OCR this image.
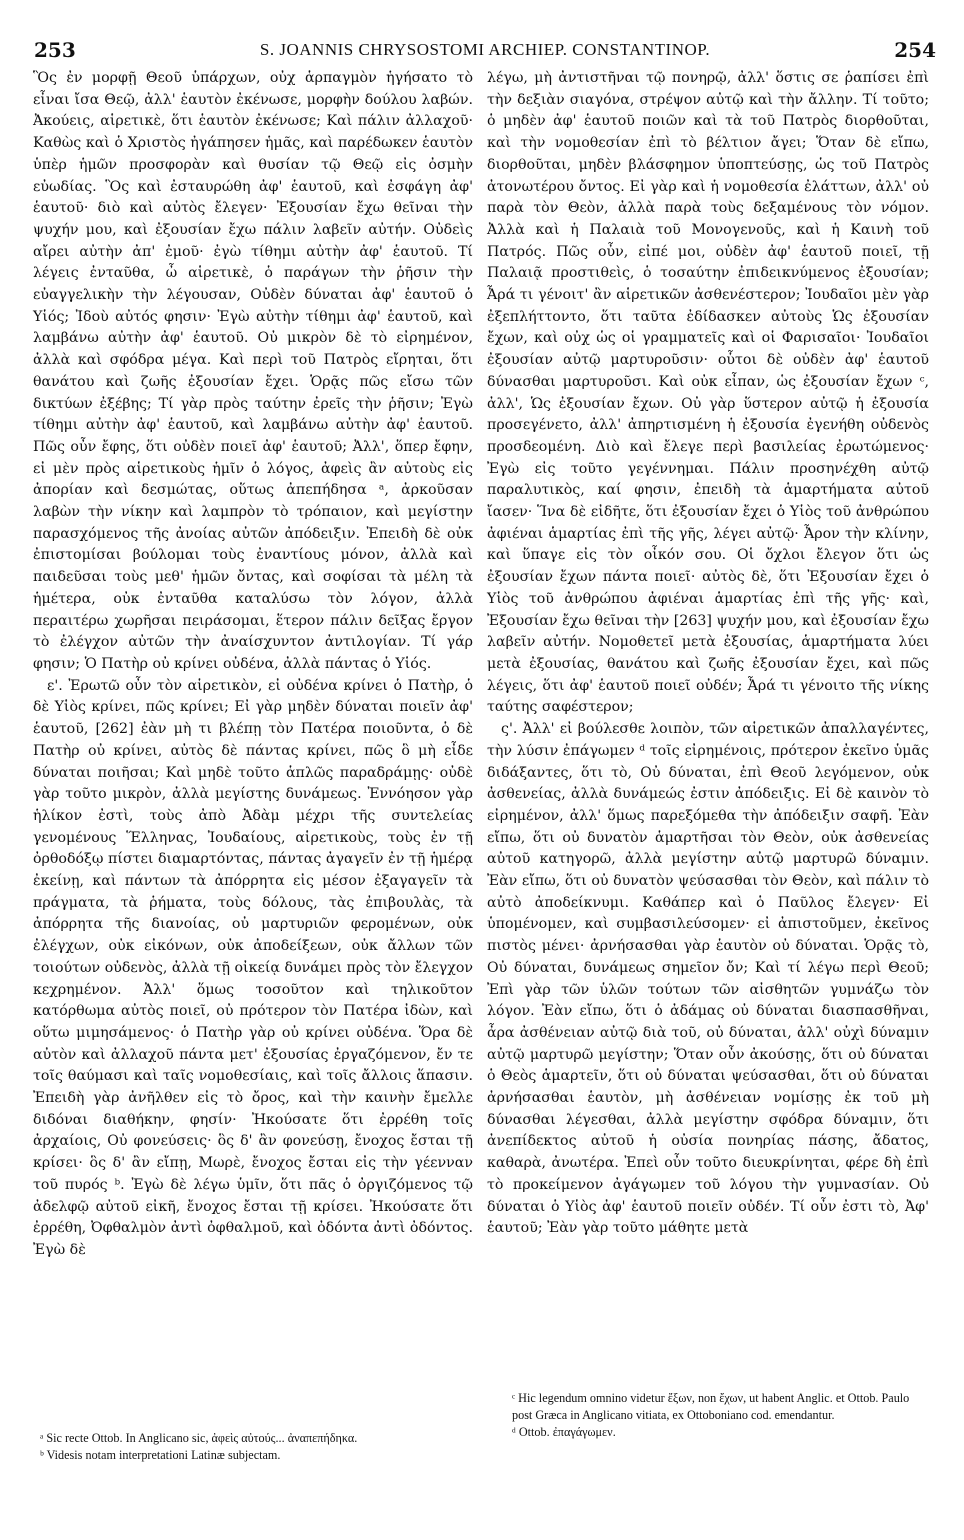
253	S. JOANNIS CHRYSOSTOMI ARCHIEP. CONSTANTINOP.	254

Ὃς ἐν μορφῇ Θεοῦ ὑπάρχων, οὐχ ἁρπαγμὸν ἡγήσατο τὸ εἶναι ἴσα Θεῷ, ἀλλ' ἑαυτὸν ἐκένωσε, μορφὴν δούλου λαβών. Ἀκούεις, αἱρετικὲ, ὅτι ἑαυτὸν ἐκένωσε; Καὶ πάλιν ἀλλαχοῦ· Καθὼς καὶ ὁ Χριστὸς ἠγάπησεν ἡμᾶς, καὶ παρέδωκεν ἑαυτὸν ὑπὲρ ἡμῶν προσφορὰν καὶ θυσίαν τῷ Θεῷ εἰς ὀσμὴν εὐωδίας. Ὃς καὶ ἐσταυρώθη ἀφ' ἑαυτοῦ, καὶ ἐσφάγη ἀφ' ἑαυτοῦ· διὸ καὶ αὐτὸς ἔλεγεν· Ἐξουσίαν ἔχω θεῖναι τὴν ψυχήν μου, καὶ ἐξουσίαν ἔχω πάλιν λαβεῖν αὐτήν. Οὐδεὶς αἴρει αὐτὴν ἀπ' ἐμοῦ· ἐγὼ τίθημι αὐτὴν ἀφ' ἑαυτοῦ. Τί λέγεις ἐνταῦθα, ὦ αἱρετικὲ, ὁ παράγων τὴν ῥῆσιν τὴν εὐαγγελικὴν τὴν λέγουσαν, Οὐδὲν δύναται ἀφ' ἑαυτοῦ ὁ Υἱός; Ἰδοὺ αὐτός φησιν· Ἐγὼ αὐτὴν τίθημι ἀφ' ἑαυτοῦ, καὶ λαμβάνω αὐτὴν ἀφ' ἑαυτοῦ. Οὐ μικρὸν δὲ τὸ εἰρημένον, ἀλλὰ καὶ σφόδρα μέγα. Καὶ περὶ τοῦ Πατρὸς εἴρηται, ὅτι θανάτου καὶ ζωῆς ἐξουσίαν ἔχει. Ὁρᾷς πῶς εἴσω τῶν δικτύων ἐξέβης; Τί γὰρ πρὸς ταύτην ἐρεῖς τὴν ῥῆσιν; Ἐγὼ τίθημι αὐτὴν ἀφ' ἑαυτοῦ, καὶ λαμβάνω αὐτὴν ἀφ' ἑαυτοῦ. Πῶς οὖν ἔφης, ὅτι οὐδὲν ποιεῖ ἀφ' ἑαυτοῦ; Ἀλλ', ὅπερ ἔφην, εἰ μὲν πρὸς αἱρετικοὺς ἡμῖν ὁ λόγος, ἀφεὶς ἂν αὐτοὺς εἰς ἀπορίαν καὶ δεσμώτας, οὕτως ἀπεπήδησα ᵃ, ἀρκοῦσαν λαβὼν τὴν νίκην καὶ λαμπρὸν τὸ τρόπαιον, καὶ μεγίστην παρασχόμενος τῆς ἀνοίας αὐτῶν ἀπόδειξιν. Ἐπειδὴ δὲ οὐκ ἐπιστομίσαι βούλομαι τοὺς ἐναντίους μόνον, ἀλλὰ καὶ παιδεῦσαι τοὺς μεθ' ἡμῶν ὄντας, καὶ σοφίσαι τὰ μέλη τὰ ἡμέτερα, οὐκ ἐνταῦθα καταλύσω τὸν λόγον, ἀλλὰ περαιτέρω χωρῆσαι πειράσομαι, ἕτερον πάλιν δεῖξας ἔργον τὸ ἐλέγχον αὐτῶν τὴν ἀναίσχυντον ἀντιλογίαν. Τί γάρ φησιν; Ὁ Πατὴρ οὐ κρίνει οὐδένα, ἀλλὰ πάντας ὁ Υἱός.

ε'. Ἐρωτῶ οὖν τὸν αἱρετικὸν, εἰ οὐδένα κρίνει ὁ Πατὴρ, ὁ δὲ Υἱὸς κρίνει, πῶς κρίνει; Εἰ γὰρ μηδὲν δύναται ποιεῖν ἀφ' ἑαυτοῦ, [262] ἐὰν μὴ τι βλέπῃ τὸν Πατέρα ποιοῦντα, ὁ δὲ Πατὴρ οὐ κρίνει, αὐτὸς δὲ πάντας κρίνει, πῶς ὃ μὴ εἶδε δύναται ποιῆσαι; Καὶ μηδὲ τοῦτο ἁπλῶς παραδράμῃς· οὐδὲ γὰρ τοῦτο μικρὸν, ἀλλὰ μεγίστης δυνάμεως. Ἐννόησον γὰρ ἡλίκον ἐστὶ, τοὺς ἀπὸ Ἀδὰμ μέχρι τῆς συντελείας γενομένους Ἕλληνας, Ἰουδαίους, αἱρετικοὺς, τοὺς ἐν τῇ ὀρθοδόξῳ πίστει διαμαρτόντας, πάντας ἀγαγεῖν ἐν τῇ ἡμέρᾳ ἐκείνῃ, καὶ πάντων τὰ ἀπόρρητα εἰς μέσον ἐξαγαγεῖν τὰ πράγματα, τὰ ῥήματα, τοὺς δόλους, τὰς ἐπιβουλὰς, τὰ ἀπόρρητα τῆς διανοίας, οὐ μαρτυριῶν φερομένων, οὐκ ἐλέγχων, οὐκ εἰκόνων, οὐκ ἀποδείξεων, οὐκ ἄλλων τῶν τοιούτων οὐδενὸς, ἀλλὰ τῇ οἰκείᾳ δυνάμει πρὸς τὸν ἔλεγχον κεχρημένον. Ἀλλ' ὅμως τοσοῦτον καὶ τηλικοῦτον κατόρθωμα αὐτὸς ποιεῖ, οὐ πρότερον τὸν Πατέρα ἰδὼν, καὶ οὕτω μιμησάμενος· ὁ Πατὴρ γὰρ οὐ κρίνει οὐδένα. Ὅρα δὲ αὐτὸν καὶ ἀλλαχοῦ πάντα μετ' ἐξουσίας ἐργαζόμενον, ἔν τε τοῖς θαύμασι καὶ ταῖς νομοθεσίαις, καὶ τοῖς ἄλλοις ἅπασιν. Ἐπειδὴ γὰρ ἀνῆλθεν εἰς τὸ ὄρος, καὶ τὴν καινὴν ἔμελλε διδόναι διαθήκην, φησίν· Ἠκούσατε ὅτι ἐρρέθη τοῖς ἀρχαίοις, Οὐ φονεύσεις· ὃς δ' ἂν φονεύσῃ, ἔνοχος ἔσται τῇ κρίσει· ὃς δ' ἂν εἴπῃ, Μωρὲ, ἔνοχος ἔσται εἰς τὴν γέενναν τοῦ πυρός ᵇ. Ἐγὼ δὲ λέγω ὑμῖν, ὅτι πᾶς ὁ ὀργιζόμενος τῷ ἀδελφῷ αὐτοῦ εἰκῆ, ἔνοχος ἔσται τῇ κρίσει. Ἠκούσατε ὅτι ἐρρέθη, Ὀφθαλμὸν ἀντὶ ὀφθαλμοῦ, καὶ ὀδόντα ἀντὶ ὀδόντος. Ἐγὼ δὲ

λέγω, μὴ ἀντιστῆναι τῷ πονηρῷ, ἀλλ' ὅστις σε ῥαπίσει ἐπὶ τὴν δεξιὰν σιαγόνα, στρέψον αὐτῷ καὶ τὴν ἄλλην. Τί τοῦτο; ὁ μηδὲν ἀφ' ἑαυτοῦ ποιῶν καὶ τὰ τοῦ Πατρὸς διορθοῦται, καὶ τὴν νομοθεσίαν ἐπὶ τὸ βέλτιον ἄγει; Ὅταν δὲ εἴπω, διορθοῦται, μηδὲν βλάσφημον ὑποπτεύσῃς, ὡς τοῦ Πατρὸς ἀτονωτέρου ὄντος. Εἰ γὰρ καὶ ἡ νομοθεσία ἐλάττων, ἀλλ' οὐ παρὰ τὸν Θεὸν, ἀλλὰ παρὰ τοὺς δεξαμένους τὸν νόμον. Ἀλλὰ καὶ ἡ Παλαιὰ τοῦ Μονογενοῦς, καὶ ἡ Καινὴ τοῦ Πατρός. Πῶς οὖν, εἰπέ μοι, οὐδὲν ἀφ' ἑαυτοῦ ποιεῖ, τῇ Παλαιᾷ προστιθεὶς, ὁ τοσαύτην ἐπιδεικνύμενος ἐξουσίαν; Ἆρά τι γένοιτ' ἂν αἱρετικῶν ἀσθενέστερον; Ἰουδαῖοι μὲν γὰρ ἐξεπλήττοντο, ὅτι ταῦτα ἐδίδασκεν αὐτοὺς Ὡς ἐξουσίαν ἔχων, καὶ οὐχ ὡς οἱ γραμματεῖς καὶ οἱ Φαρισαῖοι· Ἰουδαῖοι ἐξουσίαν αὐτῷ μαρτυροῦσιν· οὗτοι δὲ οὐδὲν ἀφ' ἑαυτοῦ δύνασθαι μαρτυροῦσι. Καὶ οὐκ εἶπαν, ὡς ἐξουσίαν ἔχων ᶜ, ἀλλ', Ὡς ἐξουσίαν ἔχων. Οὐ γὰρ ὕστερον αὐτῷ ἡ ἐξουσία προσεγένετο, ἀλλ' ἀπηρτισμένη ἡ ἐξουσία ἐγενήθη οὐδενὸς προσδεομένη. Διὸ καὶ ἔλεγε περὶ βασιλείας ἐρωτώμενος· Ἐγὼ εἰς τοῦτο γεγέννημαι. Πάλιν προσηνέχθη αὐτῷ παραλυτικὸς, καί φησιν, ἐπειδὴ τὰ ἁμαρτήματα αὐτοῦ ἴασεν· Ἵνα δὲ εἰδῆτε, ὅτι ἐξουσίαν ἔχει ὁ Υἱὸς τοῦ ἀνθρώπου ἀφιέναι ἁμαρτίας ἐπὶ τῆς γῆς, λέγει αὐτῷ· Ἆρον τὴν κλίνην, καὶ ὕπαγε εἰς τὸν οἶκόν σου. Οἱ ὄχλοι ἔλεγον ὅτι ὡς ἐξουσίαν ἔχων πάντα ποιεῖ· αὐτὸς δὲ, ὅτι Ἐξουσίαν ἔχει ὁ Υἱὸς τοῦ ἀνθρώπου ἀφιέναι ἁμαρτίας ἐπὶ τῆς γῆς· καὶ, Ἐξουσίαν ἔχω θεῖναι τὴν [263] ψυχήν μου, καὶ ἐξουσίαν ἔχω λαβεῖν αὐτήν. Νομοθετεῖ μετὰ ἐξουσίας, ἁμαρτήματα λύει μετὰ ἐξουσίας, θανάτου καὶ ζωῆς ἐξουσίαν ἔχει, καὶ πῶς λέγεις, ὅτι ἀφ' ἑαυτοῦ ποιεῖ οὐδέν; Ἆρά τι γένοιτο τῆς νίκης ταύτης σαφέστερον;

ς'. Ἀλλ' εἰ βούλεσθε λοιπὸν, τῶν αἱρετικῶν ἀπαλλαγέντες, τὴν λύσιν ἐπάγωμεν ᵈ τοῖς εἰρημένοις, πρότερον ἐκεῖνο ὑμᾶς διδάξαντες, ὅτι τὸ, Οὐ δύναται, ἐπὶ Θεοῦ λεγόμενον, οὐκ ἀσθενείας, ἀλλὰ δυνάμεώς ἐστιν ἀπόδειξις. Εἰ δὲ καινὸν τὸ εἰρημένον, ἀλλ' ὅμως παρεξόμεθα τὴν ἀπόδειξιν σαφῆ. Ἐὰν εἴπω, ὅτι οὐ δυνατὸν ἁμαρτῆσαι τὸν Θεὸν, οὐκ ἀσθενείας αὐτοῦ κατηγορῶ, ἀλλὰ μεγίστην αὐτῷ μαρτυρῶ δύναμιν. Ἐὰν εἴπω, ὅτι οὐ δυνατὸν ψεύσασθαι τὸν Θεὸν, καὶ πάλιν τὸ αὐτὸ ἀποδείκνυμι. Καθάπερ καὶ ὁ Παῦλος ἔλεγεν· Εἰ ὑπομένομεν, καὶ συμβασιλεύσομεν· εἰ ἀπιστοῦμεν, ἐκεῖνος πιστὸς μένει· ἀρνήσασθαι γὰρ ἑαυτὸν οὐ δύναται. Ὁρᾷς τὸ, Οὐ δύναται, δυνάμεως σημεῖον ὄν; Καὶ τί λέγω περὶ Θεοῦ; Ἐπὶ γὰρ τῶν ὑλῶν τούτων τῶν αἰσθητῶν γυμνάζω τὸν λόγον. Ἐὰν εἴπω, ὅτι ὁ ἀδάμας οὐ δύναται διασπασθῆναι, ἆρα ἀσθένειαν αὐτῷ διὰ τοῦ, οὐ δύναται, ἀλλ' οὐχὶ δύναμιν αὐτῷ μαρτυρῶ μεγίστην; Ὅταν οὖν ἀκούσῃς, ὅτι οὐ δύναται ὁ Θεὸς ἁμαρτεῖν, ὅτι οὐ δύναται ψεύσασθαι, ὅτι οὐ δύναται ἀρνήσασθαι ἑαυτὸν, μὴ ἀσθένειαν νομίσῃς ἐκ τοῦ μὴ δύνασθαι λέγεσθαι, ἀλλὰ μεγίστην σφόδρα δύναμιν, ὅτι ἀνεπίδεκτος αὐτοῦ ἡ οὐσία πονηρίας πάσης, ἄδατος, καθαρὰ, ἀνωτέρα. Ἐπεὶ οὖν τοῦτο διευκρίνηται, φέρε δὴ ἐπὶ τὸ προκείμενον ἀγάγωμεν τοῦ λόγου τὴν γυμνασίαν. Οὐ δύναται ὁ Υἱὸς ἀφ' ἑαυτοῦ ποιεῖν οὐδέν. Τί οὖν ἐστι τὸ, Ἀφ' ἑαυτοῦ; Ἐὰν γὰρ τοῦτο μάθητε μετὰ

ᵃ Sic recte Ottob. In Anglicano sic, ἀφεὶς αὐτούς... ἀναπεπήδηκα.

ᵇ Videsis notam interpretationi Latinæ subjectam.

ᶜ Hic legendum omnino videtur ἔξων, non ἔχων, ut habent Anglic. et Ottob. Paulo post Græca in Anglicano vitiata, ex Ottoboniano cod. emendantur.

ᵈ Ottob. ἐπαγάγωμεν.
